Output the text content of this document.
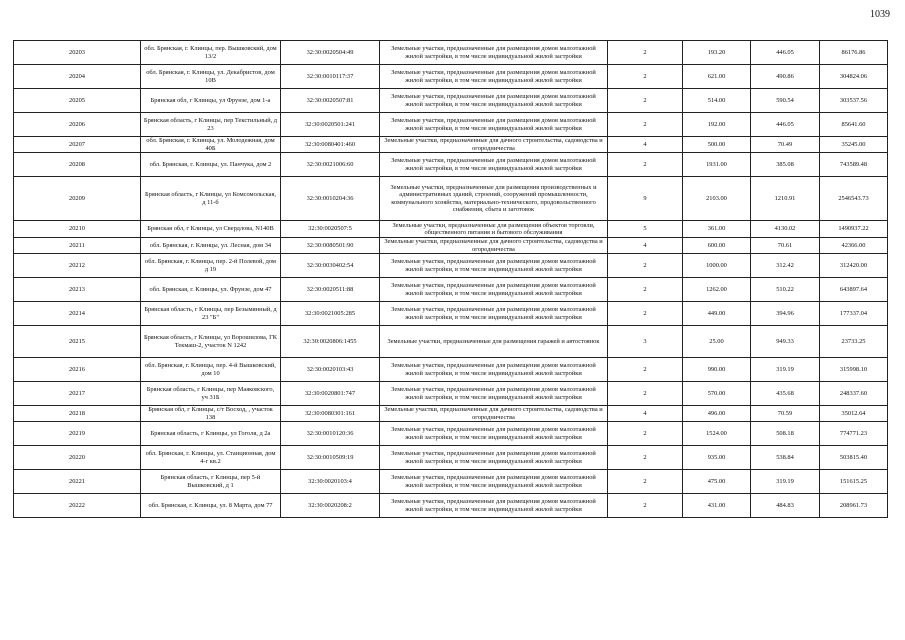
1039
20203	обл. Брянская, г. Клинцы, пер. Вышковский, дом 13/2	32:30:0020504:49	Земельные участки, предназначенные для размещения домов малоэтажной жилой застройки, в том числе индивидуальной жилой застройки	2	193.20	446.05	86176.86
20204	обл. Брянская, г. Клинцы, ул. Декабристов, дом 10В	32:30:0010117:37	Земельные участки, предназначенные для размещения домов малоэтажной жилой застройки, в том числе индивидуальной жилой застройки	2	621.00	490.86	304824.06
20205	Брянская обл, г Клинцы, ул Фрунзе, дом 1-а	32:30:0020507:81	Земельные участки, предназначенные для размещения домов малоэтажной жилой застройки, в том числе индивидуальной жилой застройки	2	514.00	590.54	303537.56
20206	Брянская область, г Клинцы, пер Текстильный, д 23	32:30:0020501:241	Земельные участки, предназначенные для размещения домов малоэтажной жилой застройки, в том числе индивидуальной жилой застройки	2	192.00	446.05	85641.60
20207	обл. Брянская, г. Клинцы, ул. Молодежная, дом 40Б	32:30:0080401:460	Земельные участки, предназначенные для дачного строительства, садоводства и огородничества	4	500.00	70.49	35245.00
20208	обл. Брянская, г. Клинцы, ул. Панчука, дом 2	32:30:0021006:60	Земельные участки, предназначенные для размещения домов малоэтажной жилой застройки, в том числе индивидуальной жилой застройки	2	1931.00	385.08	743589.48
20209	Брянская область, г Клинцы, ул Комсомольская, д 11-б	32:30:0010204:36	Земельные участки, предназначенные для размещения производственных и административных зданий, строений, сооружений промышленности, коммунального хозяйства, материально-технического, продовольственного снабжения, сбыта и заготовок	9	2103.00	1210.91	2546543.73
20210	Брянская обл, г Клинцы, ул Свердлова, N140В	32:30:0020507:5	Земельные участки, предназначенные для размещения объектов торговли, общественного питания и бытового обслуживания	5	361.00	4130.02	1490937.22
20211	обл. Брянская, г. Клинцы, ул. Лесная, дом 34	32:30:0080501:90	Земельные участки, предназначенные для дачного строительства, садоводства и огородничества	4	600.00	70.61	42366.00
20212	обл. Брянская, г. Клинцы, пер. 2-й Полевой, дом д 19	32:30:0030402:54	Земельные участки, предназначенные для размещения домов малоэтажной жилой застройки, в том числе индивидуальной жилой застройки	2	1000.00	312.42	312420.00
20213	обл. Брянская, г. Клинцы, ул. Фрунзе, дом 47	32:30:0020511:88	Земельные участки, предназначенные для размещения домов малоэтажной жилой застройки, в том числе индивидуальной жилой застройки	2	1262.00	510.22	643897.64
20214	Брянская область, г Клинцы, пер Безымянный, д 23 "Б"	32:30:0021005:285	Земельные участки, предназначенные для размещения домов малоэтажной жилой застройки, в том числе индивидуальной жилой застройки	2	449.00	394.96	177337.04
20215	Брянская область, г Клинцы, ул Ворошилова, ГК Текмаш-2, участок N 1242	32:30:0020806:1455	Земельные участки, предназначенные для размещения гаражей и автостоянок	3	25.00	949.33	23733.25
20216	обл. Брянская, г. Клинцы, пер. 4-й Вышковский, дом 10	32:30:0020103:43	Земельные участки, предназначенные для размещения домов малоэтажной жилой застройки, в том числе индивидуальной жилой застройки	2	990.00	319.19	315998.10
20217	Брянская область, г Клинцы, пер Маяковского, уч 31Б	32:30:0020801:747	Земельные участки, предназначенные для размещения домов малоэтажной жилой застройки, в том числе индивидуальной жилой застройки	2	570.00	435.68	248337.60
20218	Брянская обл, г Клинцы, с/т Восход, , участок 138	32:30:0080301:161	Земельные участки, предназначенные для дачного строительства, садоводства и огородничества	4	496.00	70.59	35012.64
20219	Брянская область, г Клинцы, ул Гоголя, д 2а	32:30:0010120:36	Земельные участки, предназначенные для размещения домов малоэтажной жилой застройки, в том числе индивидуальной жилой застройки	2	1524.00	508.18	774771.23
20220	обл. Брянская, г. Клинцы, ул. Станционная, дом 4-г кв.2	32:30:0010509:19	Земельные участки, предназначенные для размещения домов малоэтажной жилой застройки, в том числе индивидуальной жилой застройки	2	935.00	538.84	503815.40
20221	Брянская область, г Клинцы, пер 5-й Вышковский, д 1	32:30:0020103:4	Земельные участки, предназначенные для размещения домов малоэтажной жилой застройки, в том числе индивидуальной жилой застройки	2	475.00	319.19	151615.25
20222	обл. Брянская, г. Клинцы, ул. 8 Марта, дом 77	32:30:0020208:2	Земельные участки, предназначенные для размещения домов малоэтажной жилой застройки, в том числе индивидуальной жилой застройки	2	431.00	484.83	208961.73
